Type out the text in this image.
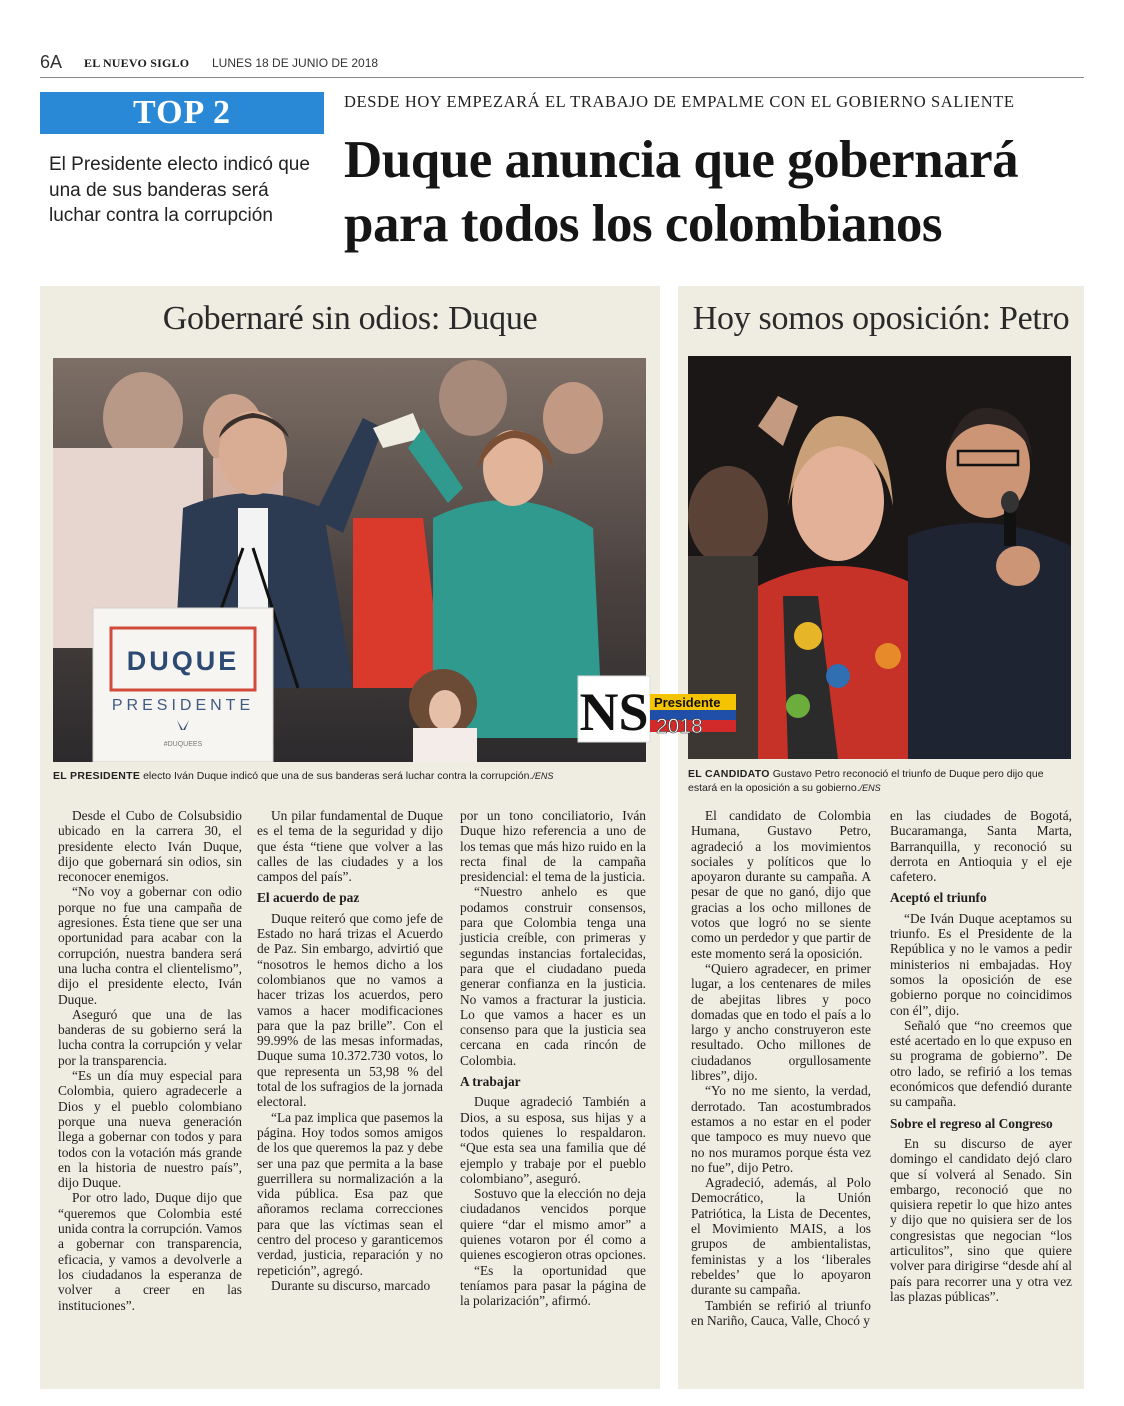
6A EL NUEVO SIGLO LUNES 18 DE JUNIO DE 2018
TOP 2
El Presidente electo indicó que una de sus banderas será luchar contra la corrupción
DESDE HOY EMPEZARÁ EL TRABAJO DE EMPALME CON EL GOBIERNO SALIENTE
Duque anuncia que gobernará para todos los colombianos
Gobernaré sin odios: Duque
DUQUE
PRESIDENTE
#DUQUEES
EL PRESIDENTE electo Iván Duque indicó que una de sus banderas será luchar contra la corrupción./ENS

Desde el Cubo de Colsubsidio ubicado en la carrera 30, el presidente electo Iván Duque, dijo que gobernará sin odios, sin reconocer enemigos.

“No voy a gobernar con odio porque no fue una campaña de agresiones. Ésta tiene que ser una oportunidad para acabar con la corrupción, nuestra bandera será una lucha contra el clientelismo”, dijo el presidente electo, Iván Duque.

Aseguró que una de las banderas de su gobierno será la lucha contra la corrupción y velar por la transparencia.

“Es un día muy especial para Colombia, quiero agradecerle a Dios y el pueblo colombiano porque una nueva generación llega a gobernar con todos y para todos con la votación más grande en la historia de nuestro país”, dijo Duque.

Por otro lado, Duque dijo que “queremos que Colombia esté unida contra la corrupción. Vamos a gobernar con transparencia, eficacia, y vamos a devolverle a los ciudadanos la esperanza de volver a creer en las instituciones”.

Un pilar fundamental de Duque es el tema de la seguridad y dijo que ésta “tiene que volver a las calles de las ciudades y a los campos del país”.

El acuerdo de paz

Duque reiteró que como jefe de Estado no hará trizas el Acuerdo de Paz. Sin embargo, advirtió que “nosotros le hemos dicho a los colombianos que no vamos a hacer trizas los acuerdos, pero vamos a hacer modificaciones para que la paz brille”. Con el 99.99% de las mesas informadas, Duque suma 10.372.730 votos, lo que representa un 53,98 % del total de los sufragios de la jornada electoral.

“La paz implica que pasemos la página. Hoy todos somos amigos de los que queremos la paz y debe ser una paz que permita a la base guerrillera su normalización a la vida pública. Esa paz que añoramos reclama correcciones para que las víctimas sean el centro del proceso y garanticemos verdad, justicia, reparación y no repetición”, agregó.

Durante su discurso, marcado

por un tono conciliatorio, Iván Duque hizo referencia a uno de los temas que más hizo ruido en la recta final de la campaña presidencial: el tema de la justicia.

“Nuestro anhelo es que podamos construir consensos, para que Colombia tenga una justicia creíble, con primeras y segundas instancias fortalecidas, para que el ciudadano pueda generar confianza en la justicia. No vamos a fracturar la justicia. Lo que vamos a hacer es un consenso para que la justicia sea cercana en cada rincón de Colombia.

A trabajar

Duque agradeció También a Dios, a su esposa, sus hijas y a todos quienes lo respaldaron. “Que esta sea una familia que dé ejemplo y trabaje por el pueblo colombiano”, aseguró.

Sostuvo que la elección no deja ciudadanos vencidos porque quiere “dar el mismo amor” a quienes votaron por él como a quienes escogieron otras opciones.

“Es la oportunidad que teníamos para pasar la página de la polarización”, afirmó.

Hoy somos oposición: Petro
EL CANDIDATO Gustavo Petro reconoció el triunfo de Duque pero dijo que estará en la oposición a su gobierno./ENS

El candidato de Colombia Humana, Gustavo Petro, agradeció a los movimientos sociales y políticos que lo apoyaron durante su campaña. A pesar de que no ganó, dijo que gracias a los ocho millones de votos que logró no se siente como un perdedor y que partir de este momento será la oposición.

“Quiero agradecer, en primer lugar, a los centenares de miles de abejitas libres y poco domadas que en todo el país a lo largo y ancho construyeron este resultado. Ocho millones de ciudadanos orgullosamente libres”, dijo.

“Yo no me siento, la verdad, derrotado. Tan acostumbrados estamos a no estar en el poder que tampoco es muy nuevo que no nos muramos porque ésta vez no fue”, dijo Petro.

Agradeció, además, al Polo Democrático, la Unión Patriótica, la Lista de Decentes, el Movimiento MAIS, a los grupos de ambientalistas, feministas y a los ‘liberales rebeldes’ que lo apoyaron durante su campaña.

También se refirió al triunfo en Nariño, Cauca, Valle, Chocó y

en las ciudades de Bogotá, Bucaramanga, Santa Marta, Barranquilla, y reconoció su derrota en Antioquia y el eje cafetero.

Aceptó el triunfo

“De Iván Duque aceptamos su triunfo. Es el Presidente de la República y no le vamos a pedir ministerios ni embajadas. Hoy somos la oposición de ese gobierno porque no coincidimos con él”, dijo.

Señaló que “no creemos que esté acertado en lo que expuso en su programa de gobierno”. De otro lado, se refirió a los temas económicos que defendió durante su campaña.

Sobre el regreso al Congreso

En su discurso de ayer domingo el candidato dejó claro que sí volverá al Senado. Sin embargo, reconoció que no quisiera repetir lo que hizo antes y dijo que no quisiera ser de los congresistas que negocian “los articulitos”, sino que quiere volver para dirigirse “desde ahí al país para recorrer una y otra vez las plazas públicas”.

NS Presidente
2018
